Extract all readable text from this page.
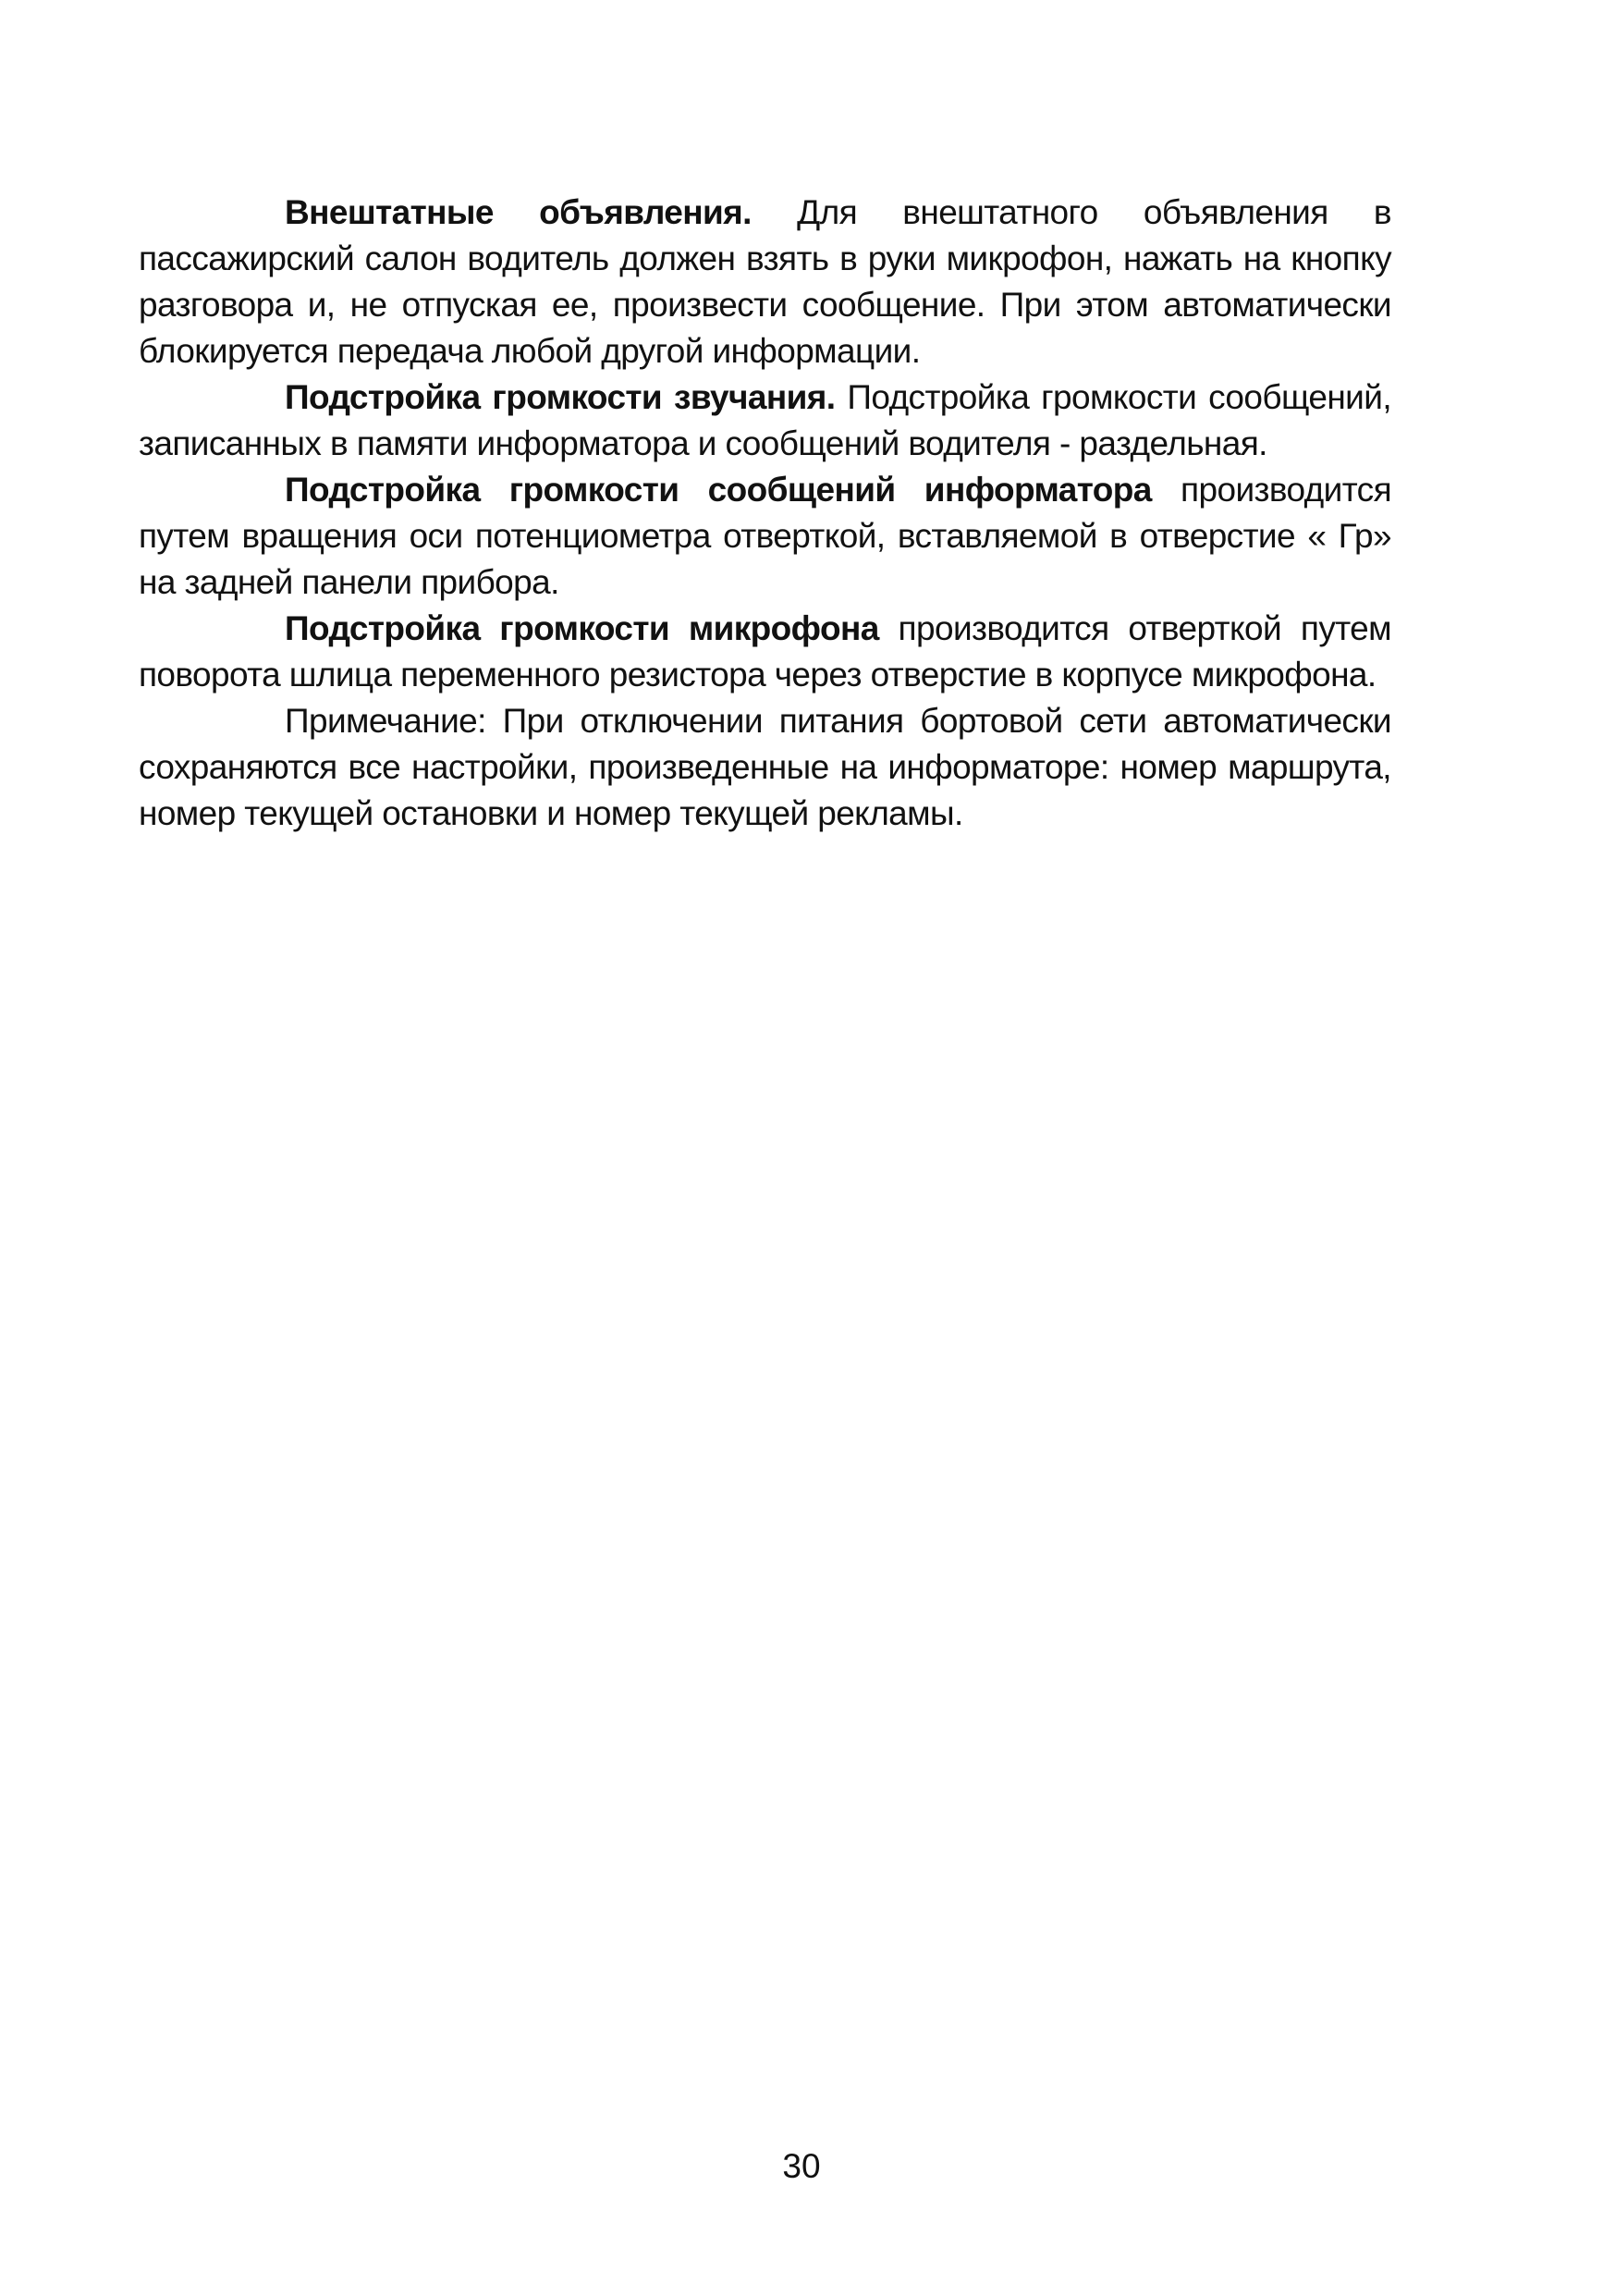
Внештатные объявления. Для внештатного объявления в пассажирский салон водитель должен взять в руки микрофон, нажать на кнопку разговора и, не отпуская ее, произвести сообщение. При этом автоматически блокируется передача любой другой информации.

Подстройка громкости звучания. Подстройка громкости сообщений, записанных в памяти информатора и сообщений водителя - раздельная.

Подстройка громкости сообщений информатора производится путем вращения оси потенциометра отверткой, вставляемой в отверстие « Гр» на задней панели прибора.

Подстройка громкости микрофона производится отверткой путем поворота шлица переменного резистора через отверстие в корпусе микрофона.

Примечание: При отключении питания бортовой сети автоматически сохраняются все настройки, произведенные на информаторе: номер маршрута, номер текущей остановки и номер текущей рекламы.

30
